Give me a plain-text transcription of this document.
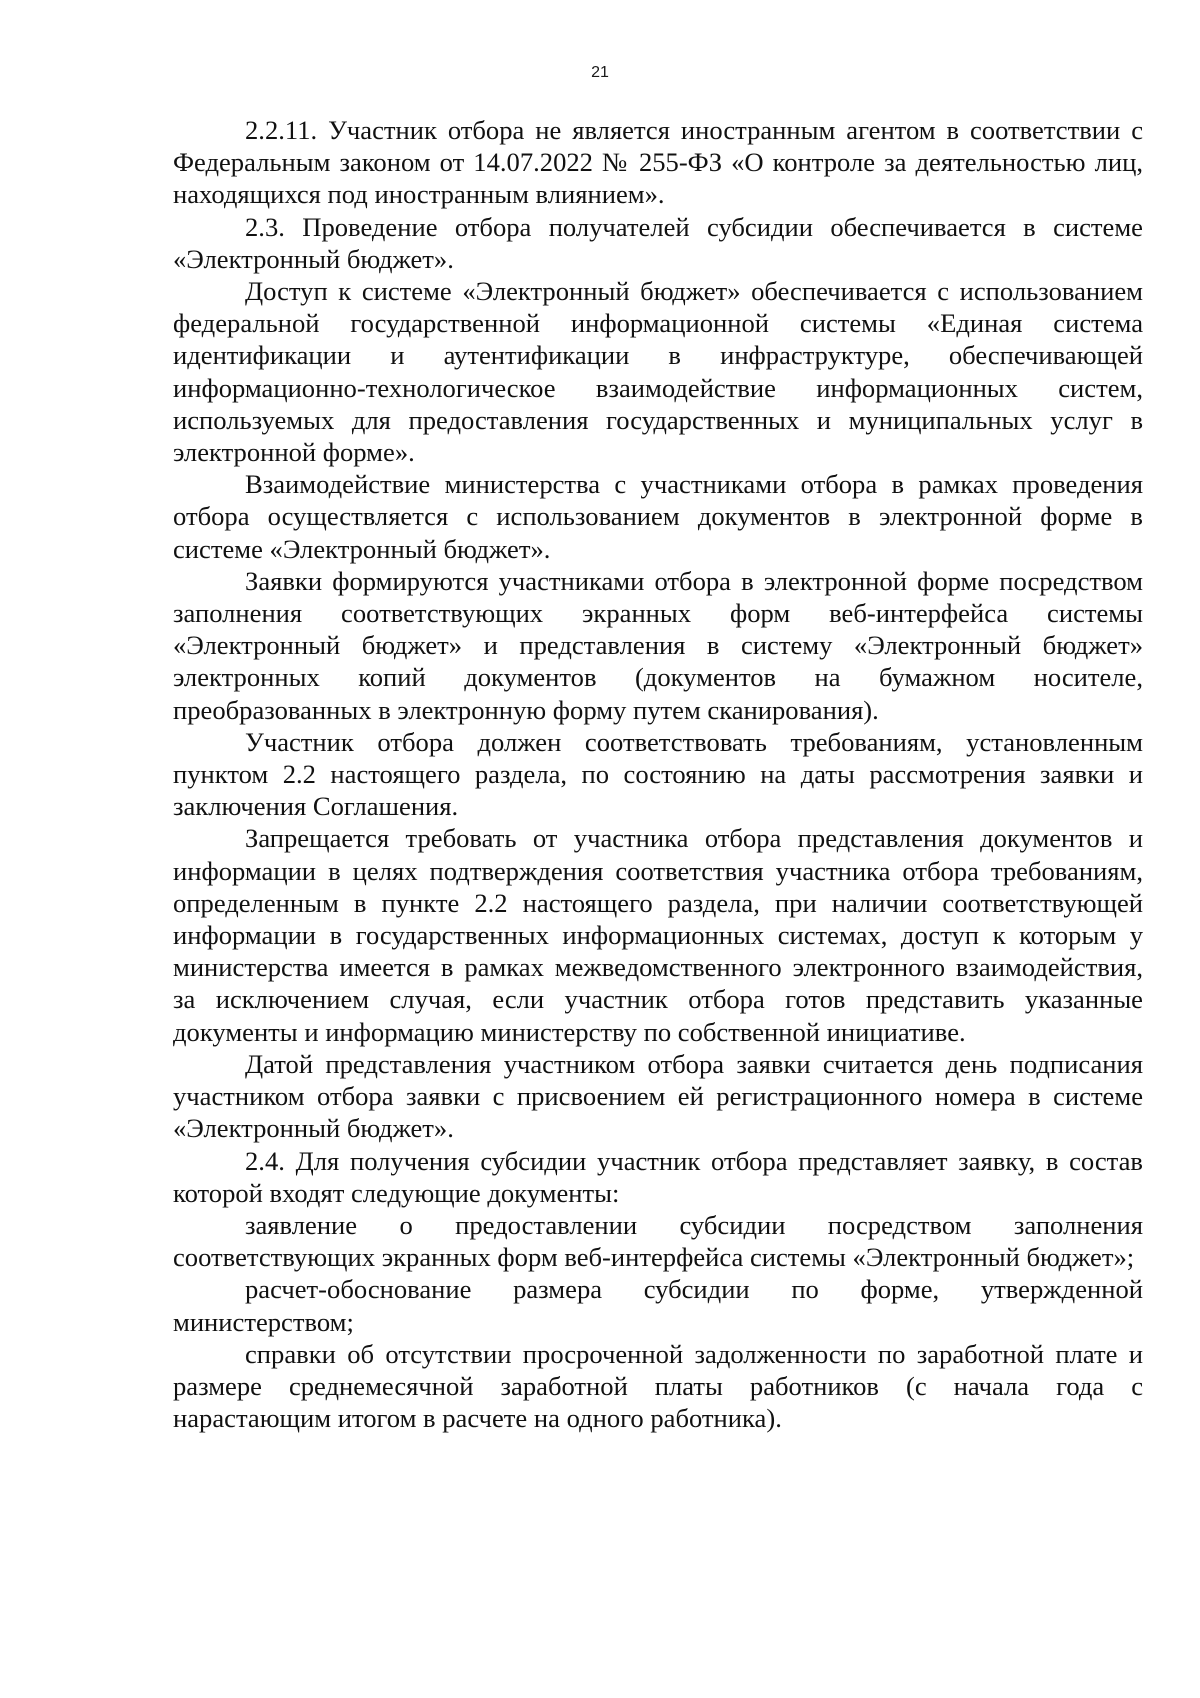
21

2.2.11. Участник отбора не является иностранным агентом в соответствии с Федеральным законом от 14.07.2022 № 255-ФЗ «О контроле за деятельностью лиц, находящихся под иностранным влиянием».

2.3. Проведение отбора получателей субсидии обеспечивается в системе «Электронный бюджет».

Доступ к системе «Электронный бюджет» обеспечивается с использованием федеральной государственной информационной системы «Единая система идентификации и аутентификации в инфраструктуре, обеспечивающей информационно-технологическое взаимодействие информационных систем, используемых для предоставления государственных и муниципальных услуг в электронной форме».

Взаимодействие министерства с участниками отбора в рамках проведения отбора осуществляется с использованием документов в электронной форме в системе «Электронный бюджет».

Заявки формируются участниками отбора в электронной форме посредством заполнения соответствующих экранных форм веб-интерфейса системы «Электронный бюджет» и представления в систему «Электронный бюджет» электронных копий документов (документов на бумажном носителе, преобразованных в электронную форму путем сканирования).

Участник отбора должен соответствовать требованиям, установленным пунктом 2.2 настоящего раздела, по состоянию на даты рассмотрения заявки и заключения Соглашения.

Запрещается требовать от участника отбора представления документов и информации в целях подтверждения соответствия участника отбора требованиям, определенным в пункте 2.2 настоящего раздела, при наличии соответствующей информации в государственных информационных системах, доступ к которым у министерства имеется в рамках межведомственного электронного взаимодействия, за исключением случая, если участник отбора готов представить указанные документы и информацию министерству по собственной инициативе.

Датой представления участником отбора заявки считается день подписания участником отбора заявки с присвоением ей регистрационного номера в системе «Электронный бюджет».

2.4. Для получения субсидии участник отбора представляет заявку, в состав которой входят следующие документы:

заявление о предоставлении субсидии посредством заполнения соответствующих экранных форм веб-интерфейса системы «Электронный бюджет»;

расчет-обоснование размера субсидии по форме, утвержденной министерством;

справки об отсутствии просроченной задолженности по заработной плате и размере среднемесячной заработной платы работников (с начала года с нарастающим итогом в расчете на одного работника).
